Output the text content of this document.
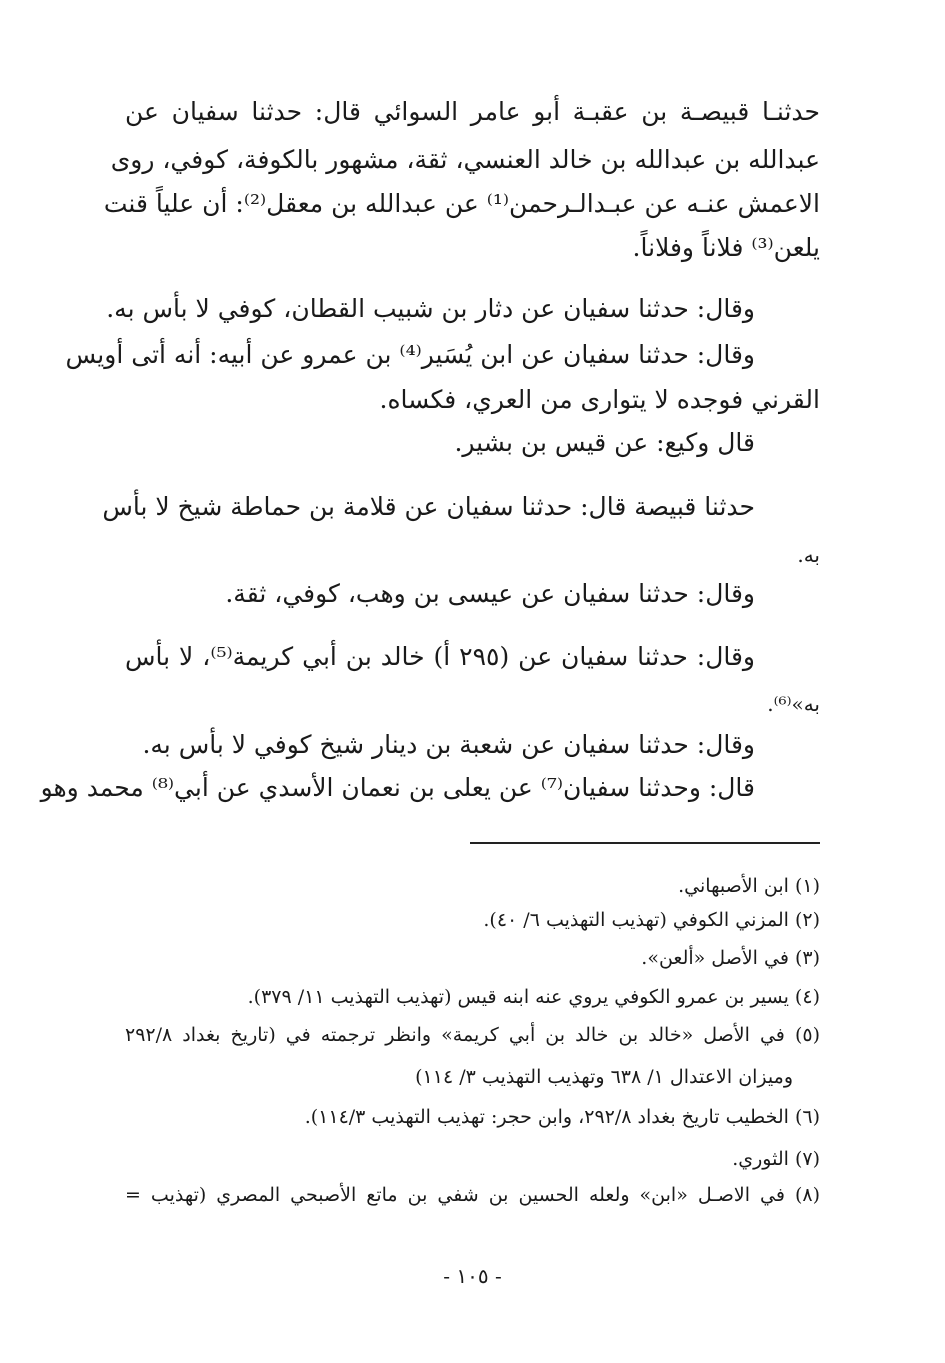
حدثنـا قبيصـة بن عقبـة أبو عامر السوائي قال: حدثنا سفيان عن
عبدالله بن عبدالله بن خالد العنسي، ثقة، مشهور بالكوفة، كوفي، روى
الاعمش عنـه عن عبـدالـرحمن⁽¹⁾ عن عبدالله بن معقل⁽²⁾: أن علياً قنت
يلعن⁽³⁾ فلاناً وفلاناً.
وقال: حدثنا سفيان عن دثار بن شبيب القطان، كوفي لا بأس به.
وقال: حدثنا سفيان عن ابن يُسَير⁽⁴⁾ بن عمرو عن أبيه: أنه أتى أويس
القرني فوجده لا يتوارى من العري، فكساه.
قال وكيع: عن قيس بن بشير.
حدثنا قبيصة قال: حدثنا سفيان عن قلامة بن حماطة شيخ لا بأس
به.
وقال: حدثنا سفيان عن عيسى بن وهب، كوفي، ثقة.
وقال: حدثنا سفيان عن (٢٩٥ أ) خالد بن أبي كريمة⁽⁵⁾، لا بأس
به»⁽⁶⁾.
وقال: حدثنا سفيان عن شعبة بن دينار شيخ كوفي لا بأس به.
قال: وحدثنا سفيان⁽⁷⁾ عن يعلى بن نعمان الأسدي عن أبي⁽⁸⁾ محمد وهو
(١) ابن الأصبهاني.
(٢) المزني الكوفي (تهذيب التهذيب ٦/ ٤٠).
(٣) في الأصل «ألعن».
(٤) يسير بن عمرو الكوفي يروي عنه ابنه قيس (تهذيب التهذيب ١١/ ٣٧٩).
(٥) في الأصل «خالد بن خالد بن أبي كريمة» وانظر ترجمته في (تاريخ بغداد ٢٩٢/٨
وميزان الاعتدال ١/ ٦٣٨ وتهذيب التهذيب ٣/ ١١٤)
(٦) الخطيب تاريخ بغداد ٢٩٢/٨، وابن حجر: تهذيب التهذيب ١١٤/٣).
(٧) الثوري.
(٨) في الاصـل «ابن» ولعله الحسين بن شفي بن ماتع الأصبحي المصري (تهذيب =
- ١٠٥ -
